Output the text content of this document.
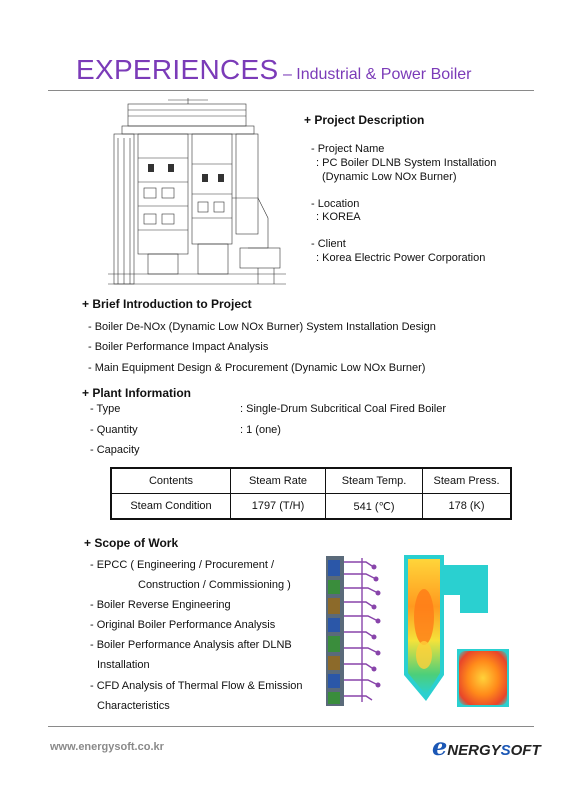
EXPERIENCES – Industrial & Power Boiler
+ Project Description
- Project Name
: PC Boiler DLNB System Installation
(Dynamic Low NOx Burner)
- Location
: KOREA
- Client
: Korea Electric Power Corporation
+ Brief Introduction to Project
- Boiler De-NOx (Dynamic Low NOx Burner) System Installation Design
- Boiler Performance Impact Analysis
- Main Equipment Design & Procurement (Dynamic Low NOx Burner)
+ Plant Information
- Type	: Single-Drum Subcritical Coal Fired Boiler
- Quantity	: 1 (one)
- Capacity
Contents	Steam Rate	Steam Temp.	Steam Press.
Steam Condition	1797 (T/H)	541 (℃)	178 (K)
+ Scope of Work
- EPCC ( Engineering / Procurement /
Construction / Commissioning )
- Boiler Reverse Engineering
- Original Boiler Performance Analysis
- Boiler Performance Analysis after DLNB
Installation
- CFD Analysis of Thermal Flow & Emission
Characteristics
www.energysoft.co.kr	eNERGYSOFT
